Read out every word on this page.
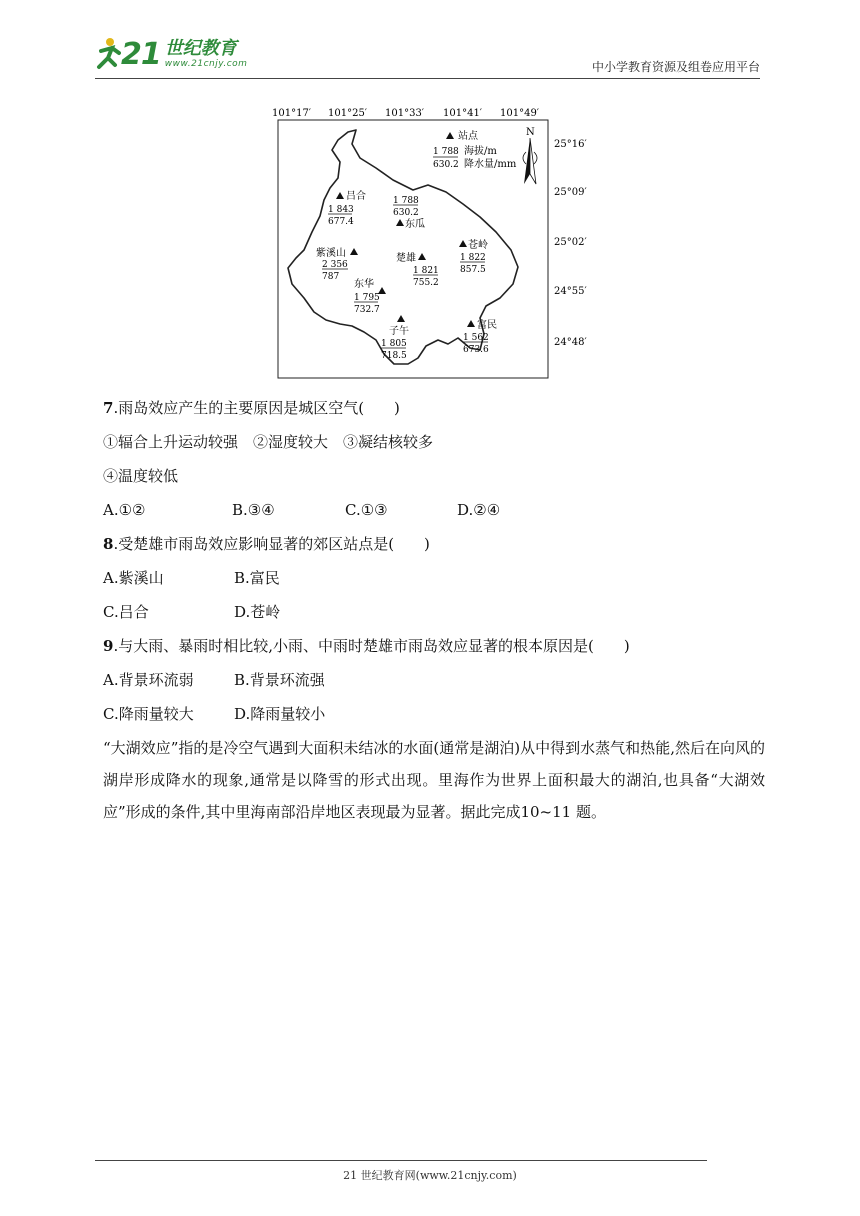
21 世纪教育
www.21cnjy.com	中小学教育资源及组卷应用平台
101°17′ 101°25′ 101°33′ 101°41′ 101°49′
25°16′
25°09′
25°02′
24°55′
24°48′
N
站点
1 788
630.2
海拔/m
降水量/mm
吕合
1 843
677.4
1 788
630.2
东瓜
紫溪山
2 356
787
楚雄
1 821
755.2
苍岭
1 822
857.5
东华
1 795
732.7
子午
1 805
718.5
富民
1 562
673.6
7.雨岛效应产生的主要原因是城区空气(　　)
①辐合上升运动较强　②湿度较大　③凝结核较多
④温度较低
A.①②	B.③④	C.①③	D.②④
8.受楚雄市雨岛效应影响显著的郊区站点是(　　)
A.紫溪山	B.富民
C.吕合	D.苍岭
9.与大雨、暴雨时相比较,小雨、中雨时楚雄市雨岛效应显著的根本原因是(　　)
A.背景环流弱	B.背景环流强
C.降雨量较大	D.降雨量较小
“大湖效应”指的是冷空气遇到大面积未结冰的水面(通常是湖泊)从中得到水蒸气和热能,然后在向风的湖岸形成降水的现象,通常是以降雪的形式出现。里海作为世界上面积最大的湖泊,也具备“大湖效应”形成的条件,其中里海南部沿岸地区表现最为显著。据此完成10~11 题。
21 世纪教育网(www.21cnjy.com)
